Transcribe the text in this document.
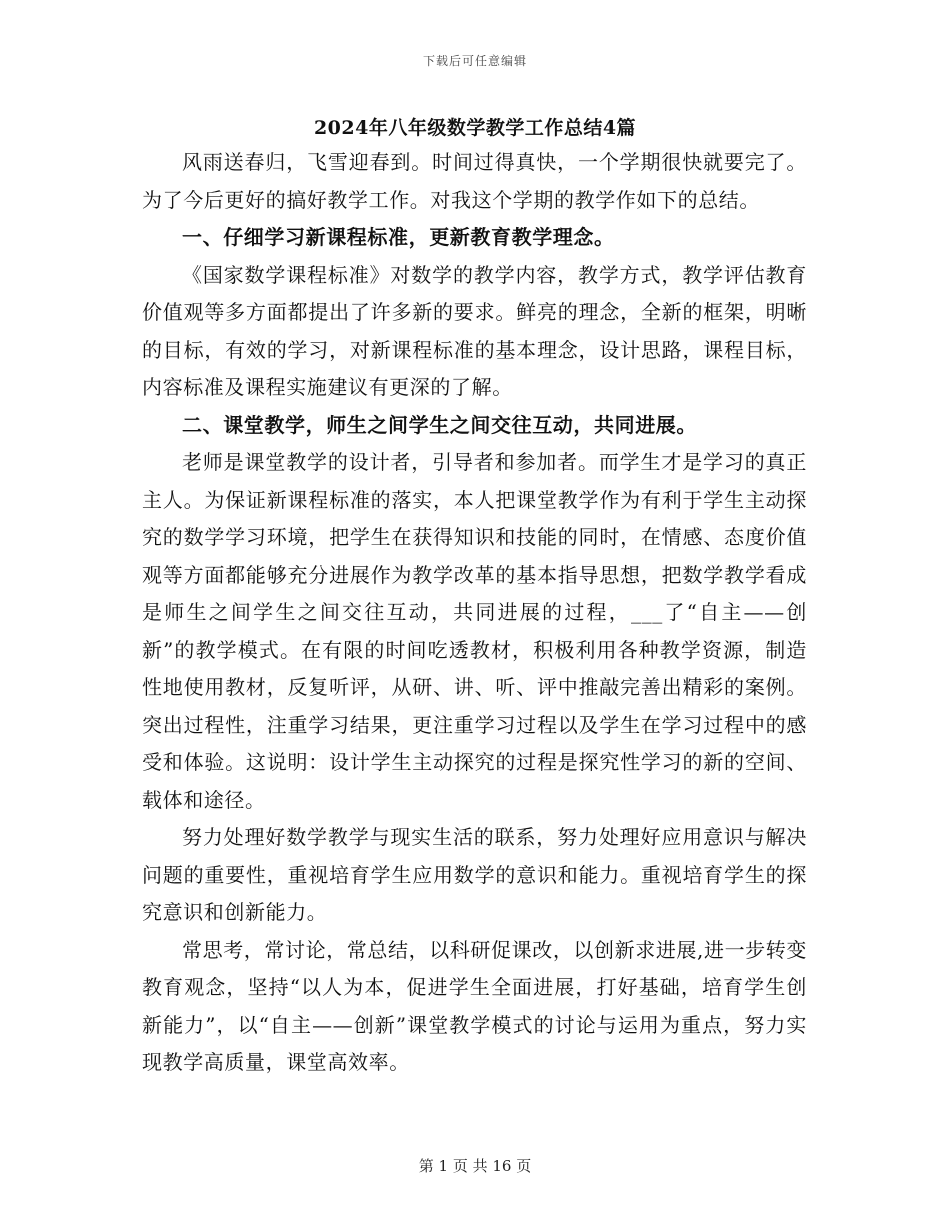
下载后可任意编辑
2024年八年级数学教学工作总结4篇

风雨送春归，飞雪迎春到。时间过得真快，一个学期很快就要完了。为了今后更好的搞好教学工作。对我这个学期的教学作如下的总结。

一、仔细学习新课程标准，更新教育教学理念。

《国家数学课程标准》对数学的教学内容，教学方式，教学评估教育价值观等多方面都提出了许多新的要求。鲜亮的理念，全新的框架，明晰的目标，有效的学习，对新课程标准的基本理念，设计思路，课程目标，内容标准及课程实施建议有更深的了解。

二、课堂教学，师生之间学生之间交往互动，共同进展。

老师是课堂教学的设计者，引导者和参加者。而学生才是学习的真正主人。为保证新课程标准的落实，本人把课堂教学作为有利于学生主动探究的数学学习环境，把学生在获得知识和技能的同时，在情感、态度价值观等方面都能够充分进展作为教学改革的基本指导思想，把数学教学看成是师生之间学生之间交往互动，共同进展的过程，___了“自主——创新”的教学模式。在有限的时间吃透教材，积极利用各种教学资源，制造性地使用教材，反复听评，从研、讲、听、评中推敲完善出精彩的案例。突出过程性，注重学习结果，更注重学习过程以及学生在学习过程中的感受和体验。这说明：设计学生主动探究的过程是探究性学习的新的空间、载体和途径。

努力处理好数学教学与现实生活的联系，努力处理好应用意识与解决问题的重要性，重视培育学生应用数学的意识和能力。重视培育学生的探究意识和创新能力。

常思考，常讨论，常总结，以科研促课改，以创新求进展,进一步转变教育观念，坚持“以人为本，促进学生全面进展，打好基础，培育学生创新能力”，以“自主——创新”课堂教学模式的讨论与运用为重点，努力实现教学高质量，课堂高效率。

第 1 页 共 16 页
